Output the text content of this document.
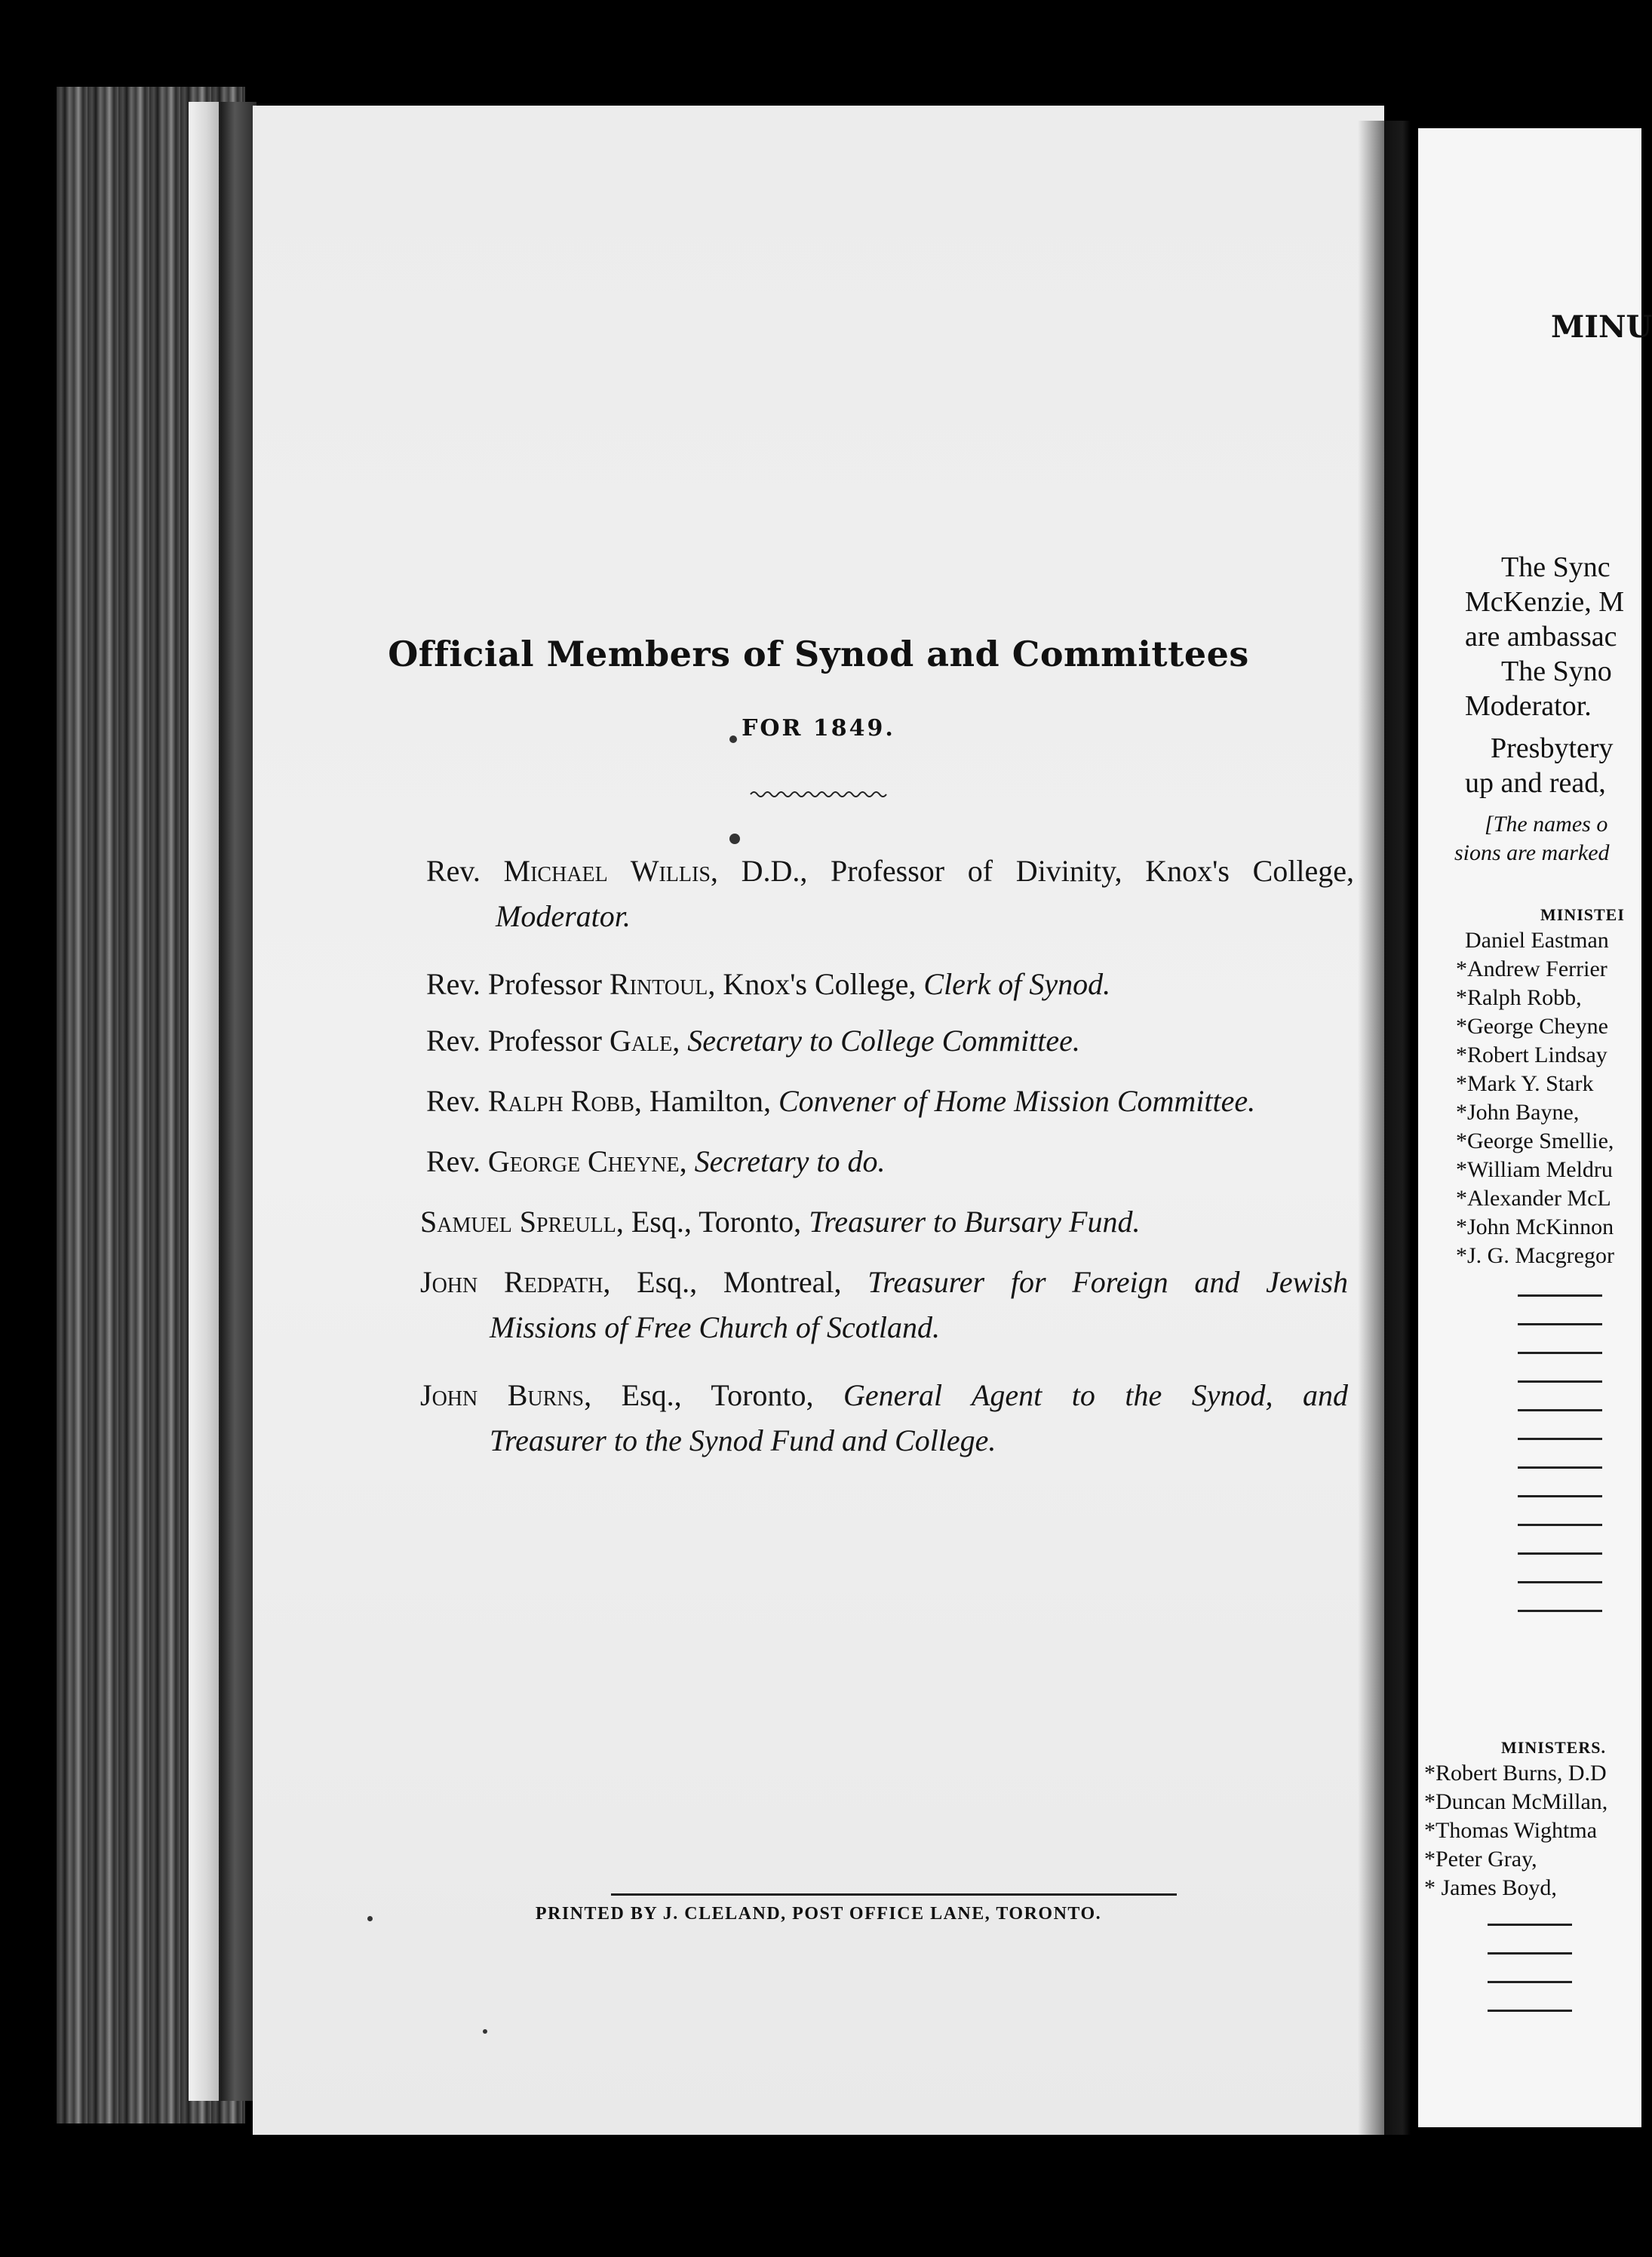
Official Members of Synod and Committees
FOR 1849.
Rev. Michael Willis, D.D., Professor of Divinity, Knox's College,
Moderator.
Rev. Professor Rintoul, Knox's College, Clerk of Synod.
Rev. Professor Gale, Secretary to College Committee.
Rev. Ralph Robb, Hamilton, Convener of Home Mission Committee.
Rev. George Cheyne, Secretary to do.
Samuel Spreull, Esq., Toronto, Treasurer to Bursary Fund.
John Redpath, Esq., Montreal, Treasurer for Foreign and Jewish
Missions of Free Church of Scotland.
John Burns, Esq., Toronto, General Agent to the Synod, and
Treasurer to the Synod Fund and College.
PRINTED BY J. CLELAND, POST OFFICE LANE, TORONTO.
MINU
The Sync
McKenzie, M
are ambassac
The Syno
Moderator.
Presbytery
up and read,
[The names o
sions are marked
MINISTEI
Daniel Eastman
*Andrew Ferrier
*Ralph Robb,
*George Cheyne
*Robert Lindsay
*Mark Y. Stark
*John Bayne,
*George Smellie,
*William Meldru
*Alexander McL
*John McKinnon
*J. G. Macgregor
MINISTERS.
*Robert Burns, D.D
*Duncan McMillan,
*Thomas Wightma
*Peter Gray,
* James Boyd,
